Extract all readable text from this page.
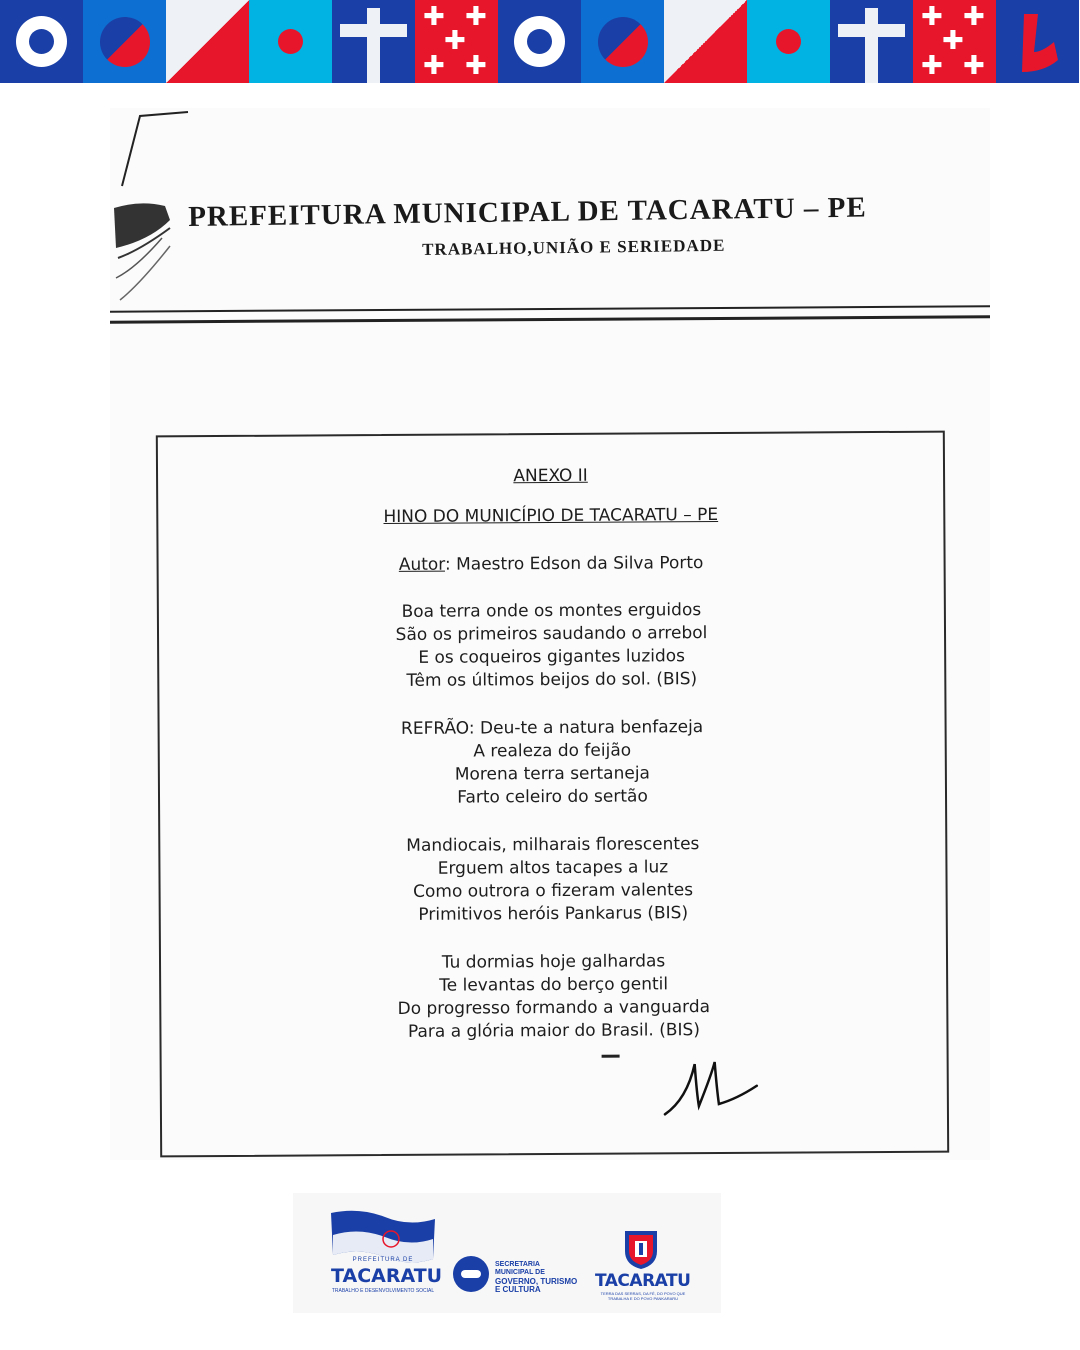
✚ ✚
✚
✚ ✚
✚ ✚
✚
✚ ✚
PREFEITURA MUNICIPAL DE TACARATU – PE
TRABALHO,UNIÃO E SERIEDADE

ANEXO II

HINO DO MUNICÍPIO DE TACARATU – PE

Autor: Maestro Edson da Silva Porto

Boa terra onde os montes erguidos
São os primeiros saudando o arrebol
E os coqueiros gigantes luzidos
Têm os últimos beijos do sol. (BIS)
REFRÃO: Deu-te a natura benfazeja
A realeza do feijão
Morena terra sertaneja
Farto celeiro do sertão
Mandiocais, milharais florescentes
Erguem altos tacapes a luz
Como outrora o fizeram valentes
Primitivos heróis Pankarus (BIS)
Tu dormias hoje galhardas
Te levantas do berço gentil
Do progresso formando a vanguarda
Para a glória maior do Brasil. (BIS)
PREFEITURA DE
TACARATU
TRABALHO E DESENVOLVIMENTO SOCIAL
SECRETARIA
MUNICIPAL DE
GOVERNO, TURISMO
E CULTURA	TACARATU
TERRA DAS SERRAS, DA FÉ, DO POVO QUE TRABALHA E DO POVO PANKARARU
